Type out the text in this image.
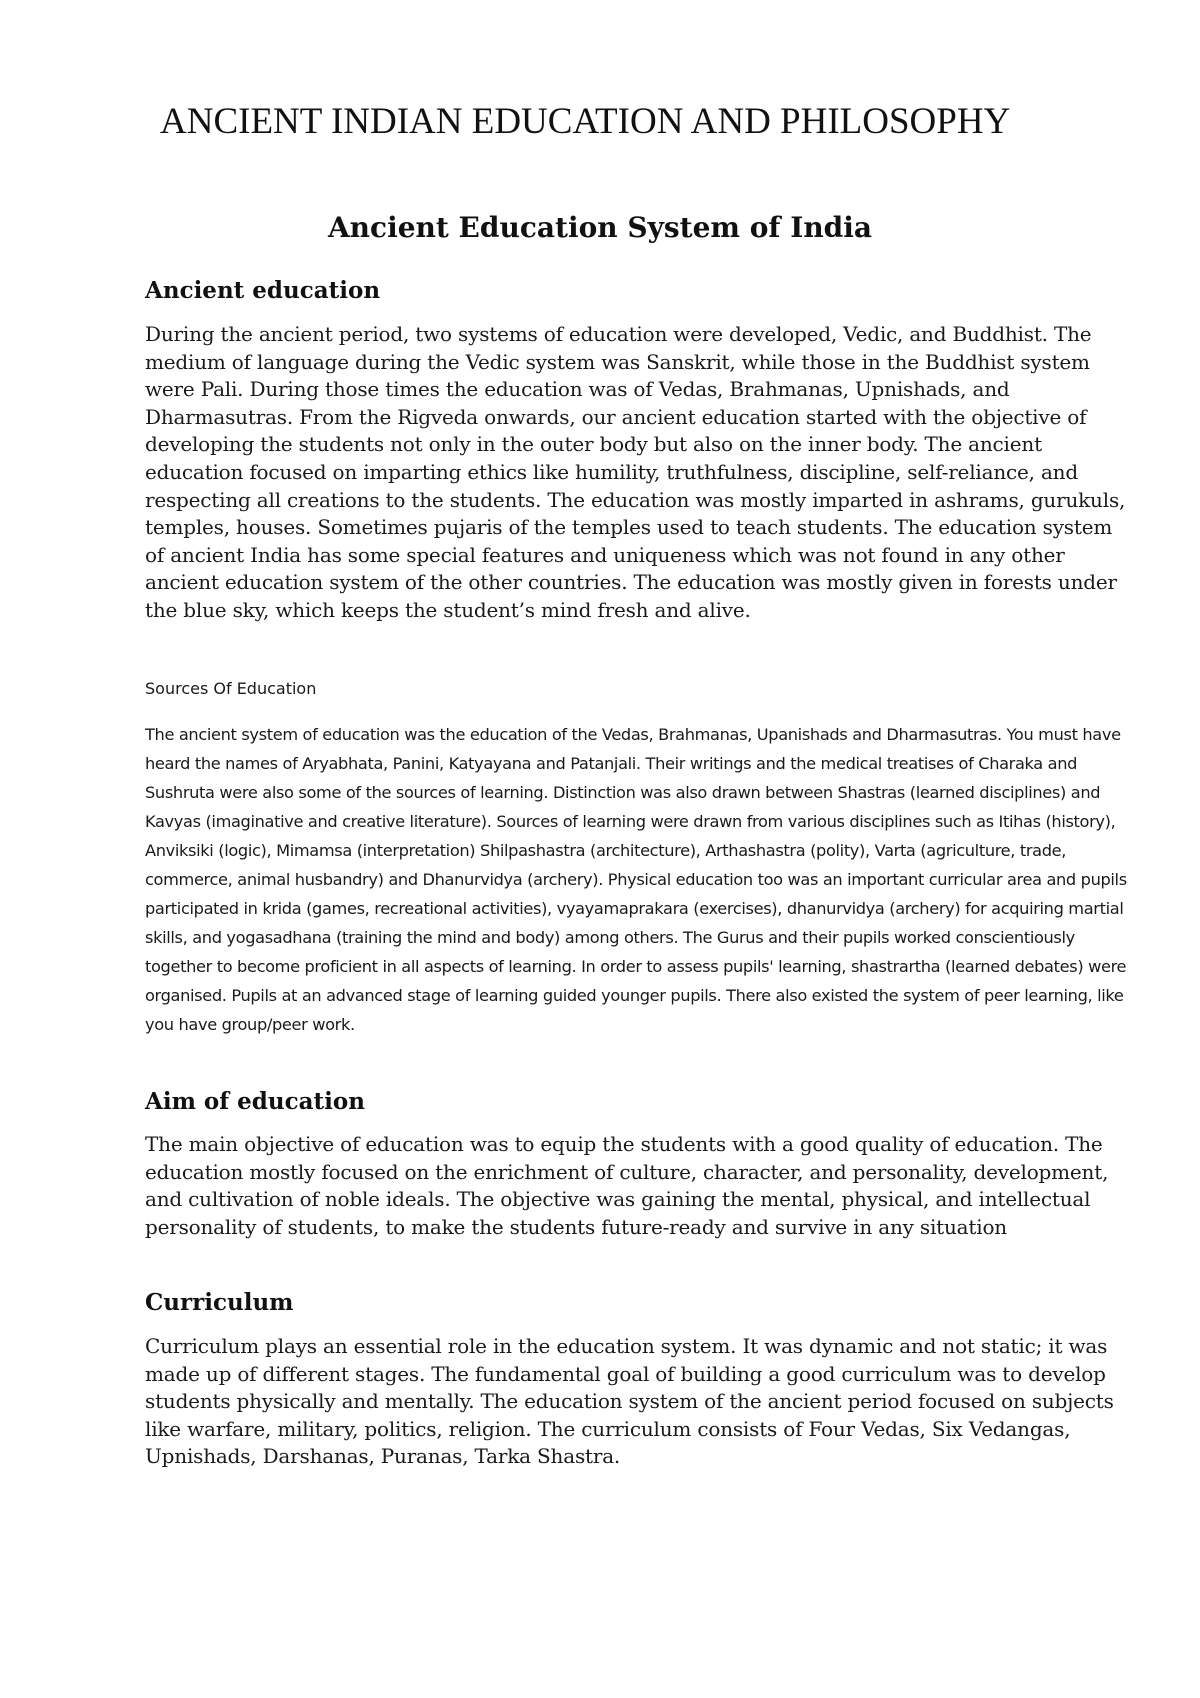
ANCIENT INDIAN EDUCATION AND PHILOSOPHY
Ancient Education System of India
Ancient education

During the ancient period, two systems of education were developed, Vedic, and Buddhist. The medium of language during the Vedic system was Sanskrit, while those in the Buddhist system were Pali. During those times the education was of Vedas, Brahmanas, Upnishads, and Dharmasutras. From the Rigveda onwards, our ancient education started with the objective of developing the students not only in the outer body but also on the inner body. The ancient education focused on imparting ethics like humility, truthfulness, discipline, self-reliance, and respecting all creations to the students. The education was mostly imparted in ashrams, gurukuls, temples, houses. Sometimes pujaris of the temples used to teach students. The education system of ancient India has some special features and uniqueness which was not found in any other ancient education system of the other countries. The education was mostly given in forests under the blue sky, which keeps the student’s mind fresh and alive.

Sources Of Education

The ancient system of education was the education of the Vedas, Brahmanas, Upanishads and Dharmasutras. You must have heard the names of Aryabhata, Panini, Katyayana and Patanjali. Their writings and the medical treatises of Charaka and Sushruta were also some of the sources of learning. Distinction was also drawn between Shastras (learned disciplines) and Kavyas (imaginative and creative literature). Sources of learning were drawn from various disciplines such as Itihas (history), Anviksiki (logic), Mimamsa (interpretation) Shilpashastra (architecture), Arthashastra (polity), Varta (agriculture, trade, commerce, animal husbandry) and Dhanurvidya (archery). Physical education too was an important curricular area and pupils participated in krida (games, recreational activities), vyayamaprakara (exercises), dhanurvidya (archery) for acquiring martial skills, and yogasadhana (training the mind and body) among others. The Gurus and their pupils worked conscientiously together to become proficient in all aspects of learning. In order to assess pupils' learning, shastrartha (learned debates) were organised. Pupils at an advanced stage of learning guided younger pupils. There also existed the system of peer learning, like you have group/peer work.

Aim of education

The main objective of education was to equip the students with a good quality of education. The education mostly focused on the enrichment of culture, character, and personality, development, and cultivation of noble ideals. The objective was gaining the mental, physical, and intellectual personality of students, to make the students future-ready and survive in any situation

Curriculum

Curriculum plays an essential role in the education system. It was dynamic and not static; it was made up of different stages. The fundamental goal of building a good curriculum was to develop students physically and mentally. The education system of the ancient period focused on subjects like warfare, military, politics, religion. The curriculum consists of Four Vedas, Six Vedangas, Upnishads, Darshanas, Puranas, Tarka Shastra.
